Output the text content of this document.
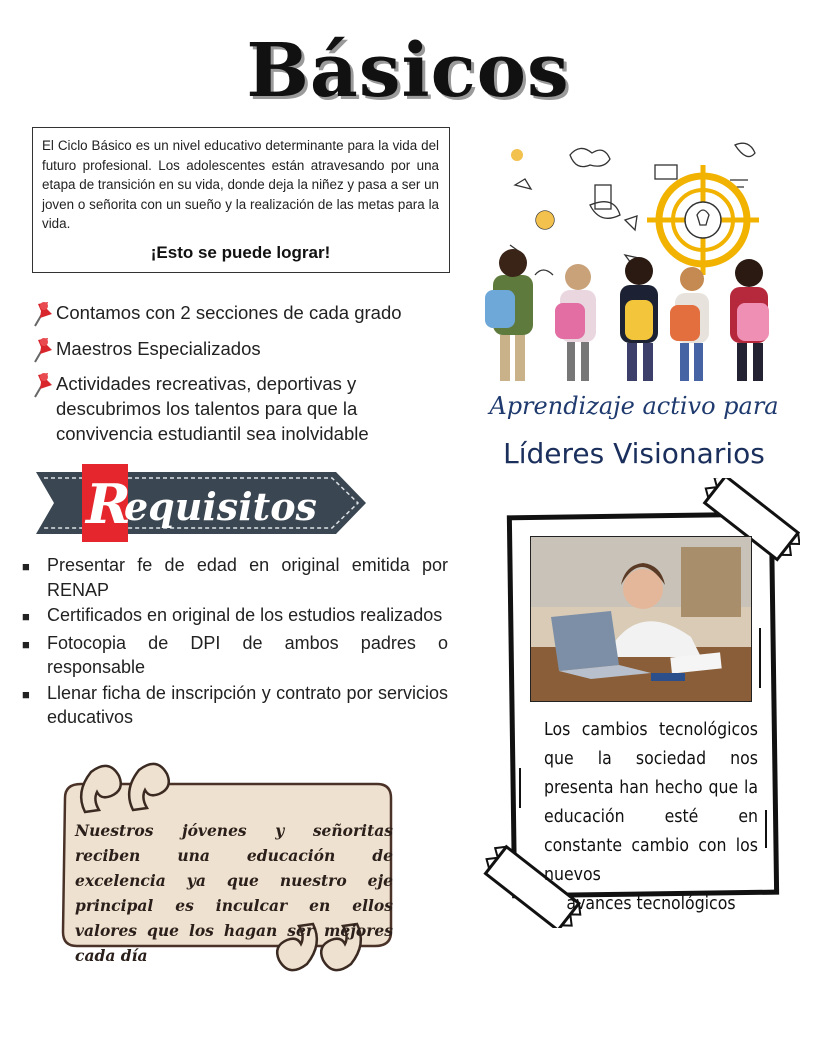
Básicos

El Ciclo Básico es un nivel educativo determinante para la vida del futuro profesional. Los adolescentes están atravesando por una etapa de transición en su vida, donde deja la niñez y pasa a ser un joven o señorita con un sueño y la realización de las metas para la vida.

¡Esto se puede lograr!
Contamos con 2 secciones de cada grado
Maestros Especializados
Actividades recreativas, deportivas y descubrimos los talentos para que la convivencia estudiantil sea inolvidable
Aprendizaje activo para
Líderes Visionarios
R
equisitos
■ Presentar fe de edad en original emitida por RENAP
■ Certificados en original de los estudios realizados
■ Fotocopia de DPI de ambos padres o responsable
■ Llenar ficha de inscripción y contrato por servicios educativos
Nuestros jóvenes y señoritas reciben una educación de excelencia ya que nuestro eje principal es inculcar en ellos valores que los hagan ser mejores cada día
Los cambios tecnológicos que la sociedad nos presenta han hecho que la educación esté en constante cambio con los nuevos
avances tecnológicos
